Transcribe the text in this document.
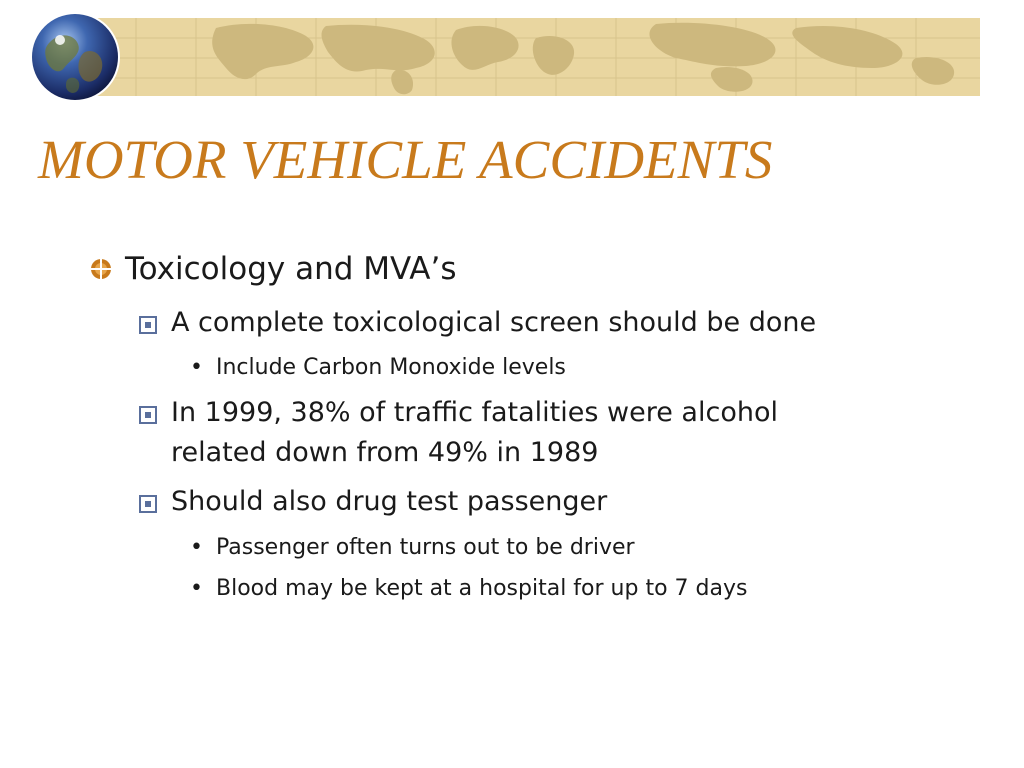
MOTOR VEHICLE ACCIDENTS

Toxicology and MVA’s

A complete toxicological screen should be done

• Include Carbon Monoxide levels

In 1999, 38% of traffic fatalities were alcohol

related down from 49% in 1989

Should also drug test passenger

• Passenger often turns out to be driver

• Blood may be kept at a hospital for up to 7 days
